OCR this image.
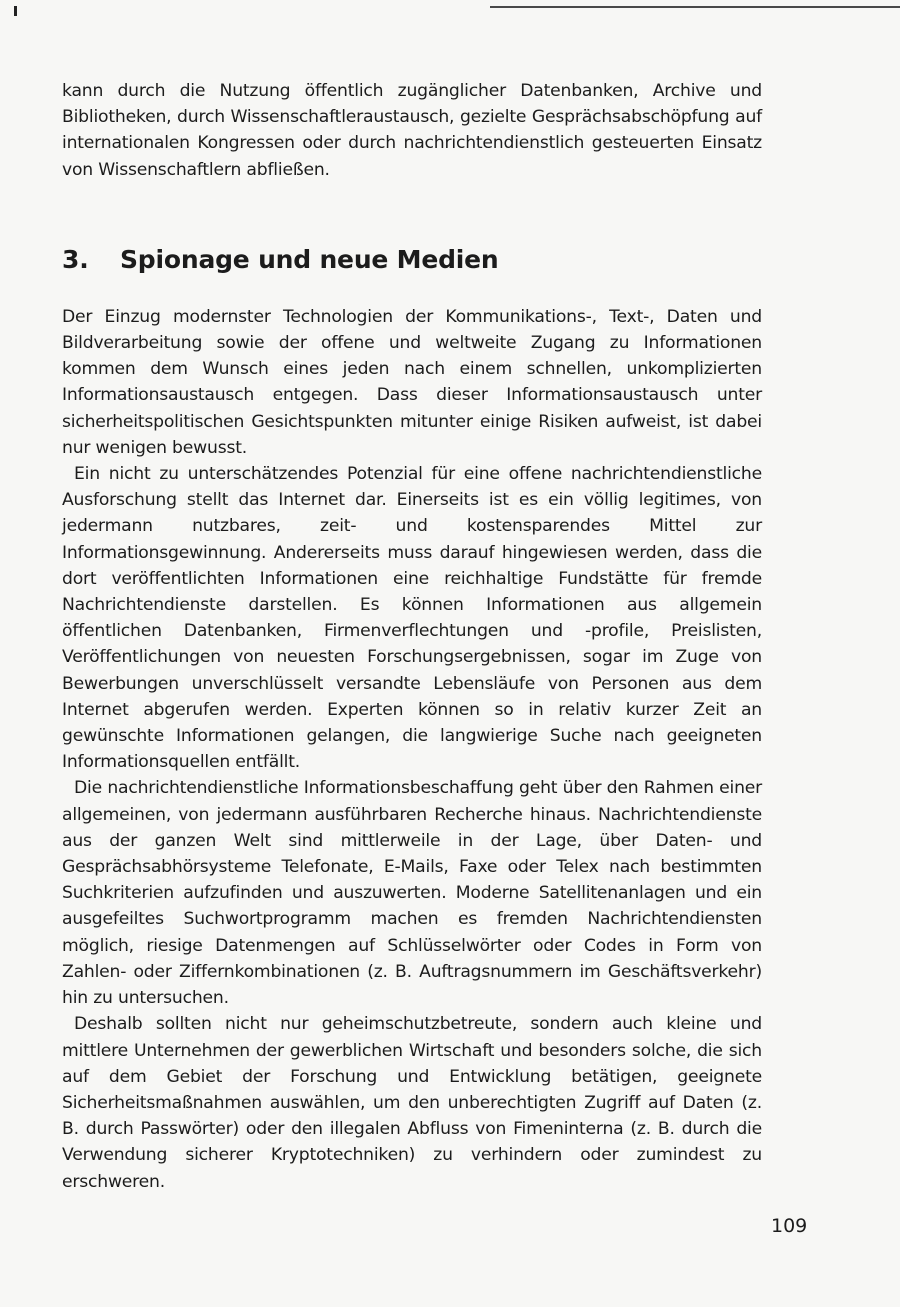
kann durch die Nutzung öffentlich zugänglicher Datenbanken, Archive und Bibliotheken, durch Wissenschaftleraustausch, gezielte Gesprächsabschöpfung auf internationalen Kongressen oder durch nachrichtendienstlich gesteuerten Einsatz von Wissenschaftlern abfließen.

3.	Spionage und neue Medien

Der Einzug modernster Technologien der Kommunikations-, Text-, Daten und Bildverarbeitung sowie der offene und weltweite Zugang zu Informationen kommen dem Wunsch eines jeden nach einem schnellen, unkomplizierten Informationsaustausch entgegen. Dass dieser Informationsaustausch unter sicherheitspolitischen Gesichtspunkten mitunter einige Risiken aufweist, ist dabei nur wenigen bewusst.

Ein nicht zu unterschätzendes Potenzial für eine offene nachrichtendienstliche Ausforschung stellt das Internet dar. Einerseits ist es ein völlig legitimes, von jedermann nutzbares, zeit- und kostensparendes Mittel zur Informationsgewinnung. Andererseits muss darauf hingewiesen werden, dass die dort veröffentlichten Informationen eine reichhaltige Fundstätte für fremde Nachrichtendienste darstellen. Es können Informationen aus allgemein öffentlichen Datenbanken, Firmenverflechtungen und -profile, Preislisten, Veröffentlichungen von neuesten Forschungsergebnissen, sogar im Zuge von Bewerbungen unverschlüsselt versandte Lebensläufe von Personen aus dem Internet abgerufen werden. Experten können so in relativ kurzer Zeit an gewünschte Informationen gelangen, die langwierige Suche nach geeigneten Informationsquellen entfällt.

Die nachrichtendienstliche Informationsbeschaffung geht über den Rahmen einer allgemeinen, von jedermann ausführbaren Recherche hinaus. Nachrichtendienste aus der ganzen Welt sind mittlerweile in der Lage, über Daten- und Gesprächsabhörsysteme Telefonate, E-Mails, Faxe oder Telex nach bestimmten Suchkriterien aufzufinden und auszuwerten. Moderne Satellitenanlagen und ein ausgefeiltes Suchwortprogramm machen es fremden Nachrichtendiensten möglich, riesige Datenmengen auf Schlüsselwörter oder Codes in Form von Zahlen- oder Ziffernkombinationen (z. B. Auftragsnummern im Geschäftsverkehr) hin zu untersuchen.

Deshalb sollten nicht nur geheimschutzbetreute, sondern auch kleine und mittlere Unternehmen der gewerblichen Wirtschaft und besonders solche, die sich auf dem Gebiet der Forschung und Entwicklung betätigen, geeignete Sicherheitsmaßnahmen auswählen, um den unberechtigten Zugriff auf Daten (z. B. durch Passwörter) oder den illegalen Abfluss von Fimeninterna (z. B. durch die Verwendung sicherer Kryptotechniken) zu verhindern oder zumindest zu erschweren.

109
